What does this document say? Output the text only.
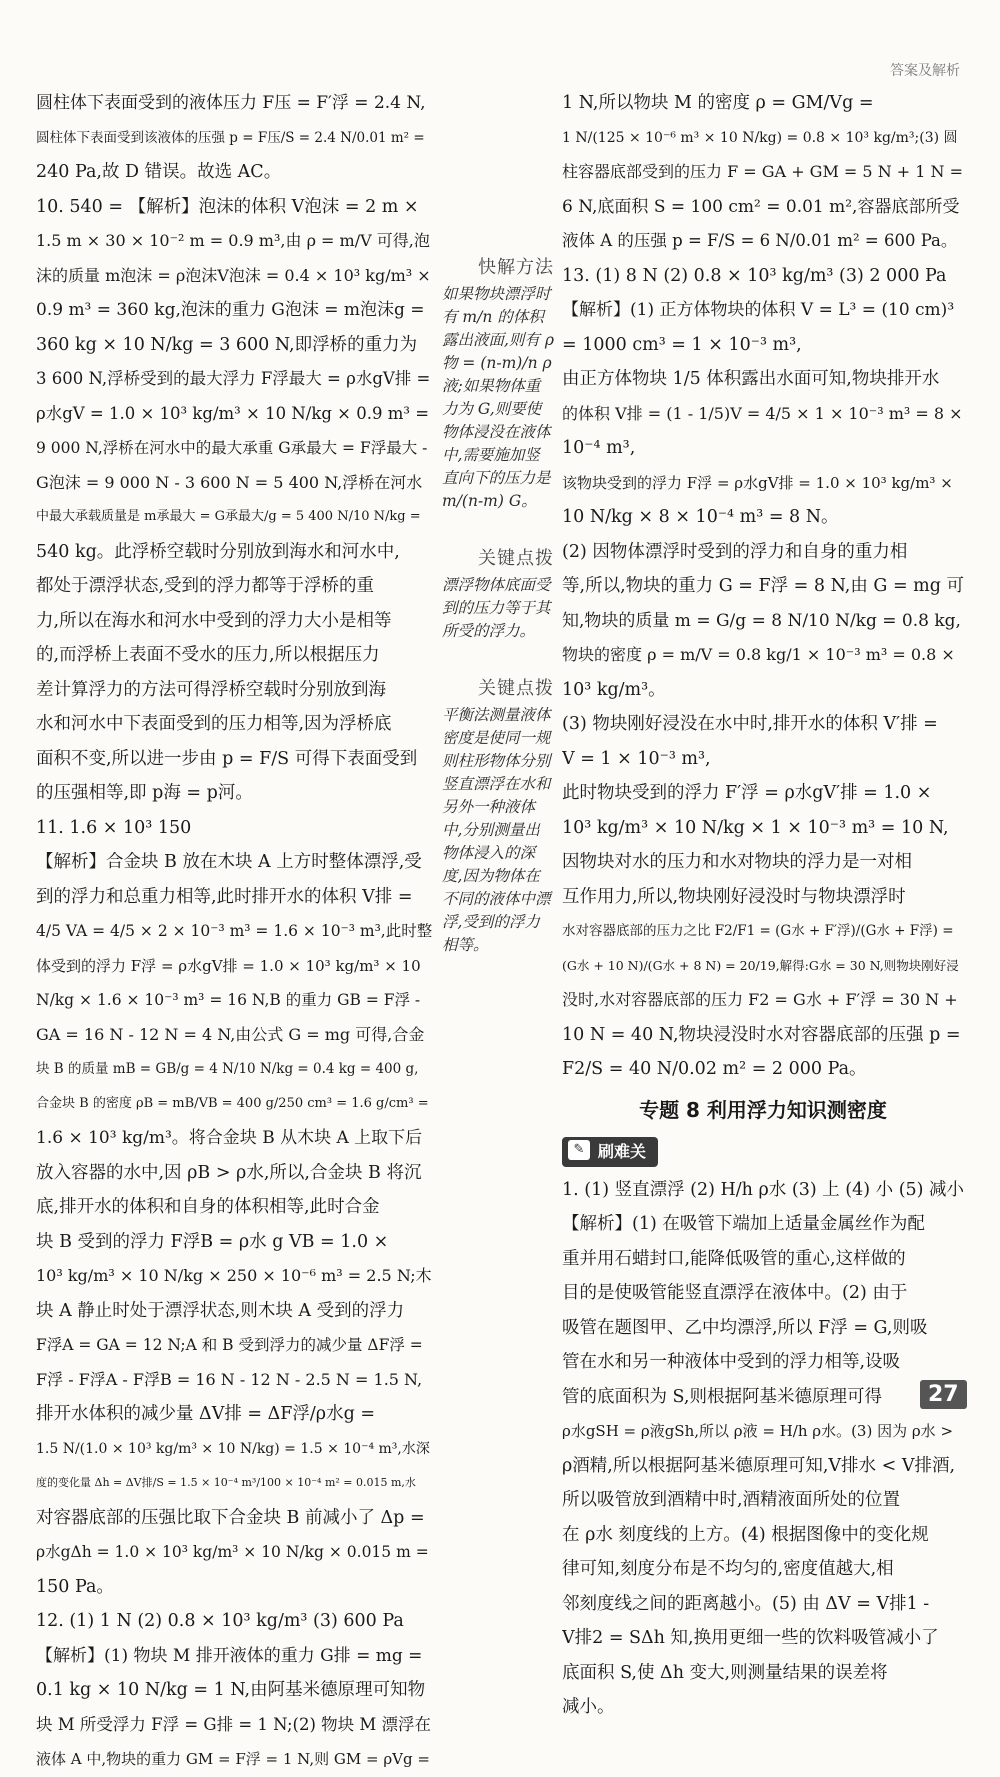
答案及解析
圆柱体下表面受到的液体压力 F压 = F′浮 = 2.4 N,
圆柱体下表面受到该液体的压强 p = F压/S = 2.4 N/0.01 m² =
240 Pa,故 D 错误。故选 AC。
10. 540 = 【解析】泡沫的体积 V泡沫 = 2 m ×
1.5 m × 30 × 10⁻² m = 0.9 m³,由 ρ = m/V 可得,泡
沫的质量 m泡沫 = ρ泡沫V泡沫 = 0.4 × 10³ kg/m³ ×
0.9 m³ = 360 kg,泡沫的重力 G泡沫 = m泡沫g =
360 kg × 10 N/kg = 3 600 N,即浮桥的重力为
3 600 N,浮桥受到的最大浮力 F浮最大 = ρ水gV排 =
ρ水gV = 1.0 × 10³ kg/m³ × 10 N/kg × 0.9 m³ =
9 000 N,浮桥在河水中的最大承重 G承最大 = F浮最大 -
G泡沫 = 9 000 N - 3 600 N = 5 400 N,浮桥在河水
中最大承载质量是 m承最大 = G承最大/g = 5 400 N/10 N/kg =
540 kg。此浮桥空载时分别放到海水和河水中,
都处于漂浮状态,受到的浮力都等于浮桥的重
力,所以在海水和河水中受到的浮力大小是相等
的,而浮桥上表面不受水的压力,所以根据压力
差计算浮力的方法可得浮桥空载时分别放到海
水和河水中下表面受到的压力相等,因为浮桥底
面积不变,所以进一步由 p = F/S 可得下表面受到
的压强相等,即 p海 = p河。
11. 1.6 × 10³ 150
【解析】合金块 B 放在木块 A 上方时整体漂浮,受
到的浮力和总重力相等,此时排开水的体积 V排 =
4/5 VA = 4/5 × 2 × 10⁻³ m³ = 1.6 × 10⁻³ m³,此时整
体受到的浮力 F浮 = ρ水gV排 = 1.0 × 10³ kg/m³ × 10
N/kg × 1.6 × 10⁻³ m³ = 16 N,B 的重力 GB = F浮 -
GA = 16 N - 12 N = 4 N,由公式 G = mg 可得,合金
块 B 的质量 mB = GB/g = 4 N/10 N/kg = 0.4 kg = 400 g,
合金块 B 的密度 ρB = mB/VB = 400 g/250 cm³ = 1.6 g/cm³ =
1.6 × 10³ kg/m³。将合金块 B 从木块 A 上取下后
放入容器的水中,因 ρB > ρ水,所以,合金块 B 将沉
底,排开水的体积和自身的体积相等,此时合金
块 B 受到的浮力 F浮B = ρ水 g VB = 1.0 ×
10³ kg/m³ × 10 N/kg × 250 × 10⁻⁶ m³ = 2.5 N;木
块 A 静止时处于漂浮状态,则木块 A 受到的浮力
F浮A = GA = 12 N;A 和 B 受到浮力的减少量 ΔF浮 =
F浮 - F浮A - F浮B = 16 N - 12 N - 2.5 N = 1.5 N,
排开水体积的减少量 ΔV排 = ΔF浮/ρ水g =
1.5 N/(1.0 × 10³ kg/m³ × 10 N/kg) = 1.5 × 10⁻⁴ m³,水深
度的变化量 Δh = ΔV排/S = 1.5 × 10⁻⁴ m³/100 × 10⁻⁴ m² = 0.015 m,水
对容器底部的压强比取下合金块 B 前减小了 Δp =
ρ水gΔh = 1.0 × 10³ kg/m³ × 10 N/kg × 0.015 m =
150 Pa。
12. (1) 1 N (2) 0.8 × 10³ kg/m³ (3) 600 Pa
【解析】(1) 物块 M 排开液体的重力 G排 = mg =
0.1 kg × 10 N/kg = 1 N,由阿基米德原理可知物
块 M 所受浮力 F浮 = G排 = 1 N;(2) 物块 M 漂浮在
液体 A 中,物块的重力 GM = F浮 = 1 N,则 GM = ρVg =
快解方法
如果物块漂浮时有 m/n 的体积露出液面,则有 ρ物 = (n-m)/n ρ液;如果物体重力为 G,则要使物体浸没在液体中,需要施加竖直向下的压力是 m/(n-m) G。
关键点拨
漂浮物体底面受到的压力等于其所受的浮力。
关键点拨
平衡法测量液体密度是使同一规则柱形物体分别竖直漂浮在水和另外一种液体中,分别测量出物体浸入的深度,因为物体在不同的液体中漂浮,受到的浮力相等。
1 N,所以物块 M 的密度 ρ = GM/Vg =
1 N/(125 × 10⁻⁶ m³ × 10 N/kg) = 0.8 × 10³ kg/m³;(3) 圆
柱容器底部受到的压力 F = GA + GM = 5 N + 1 N =
6 N,底面积 S = 100 cm² = 0.01 m²,容器底部所受
液体 A 的压强 p = F/S = 6 N/0.01 m² = 600 Pa。
13. (1) 8 N (2) 0.8 × 10³ kg/m³ (3) 2 000 Pa
【解析】(1) 正方体物块的体积 V = L³ = (10 cm)³
= 1000 cm³ = 1 × 10⁻³ m³,
由正方体物块 1/5 体积露出水面可知,物块排开水
的体积 V排 = (1 - 1/5)V = 4/5 × 1 × 10⁻³ m³ = 8 ×
10⁻⁴ m³,
该物块受到的浮力 F浮 = ρ水gV排 = 1.0 × 10³ kg/m³ ×
10 N/kg × 8 × 10⁻⁴ m³ = 8 N。
(2) 因物体漂浮时受到的浮力和自身的重力相
等,所以,物块的重力 G = F浮 = 8 N,由 G = mg 可
知,物块的质量 m = G/g = 8 N/10 N/kg = 0.8 kg,
物块的密度 ρ = m/V = 0.8 kg/1 × 10⁻³ m³ = 0.8 ×
10³ kg/m³。
(3) 物块刚好浸没在水中时,排开水的体积 V′排 =
V = 1 × 10⁻³ m³,
此时物块受到的浮力 F′浮 = ρ水gV′排 = 1.0 ×
10³ kg/m³ × 10 N/kg × 1 × 10⁻³ m³ = 10 N,
因物块对水的压力和水对物块的浮力是一对相
互作用力,所以,物块刚好浸没时与物块漂浮时
水对容器底部的压力之比 F2/F1 = (G水 + F′浮)/(G水 + F浮) =
(G水 + 10 N)/(G水 + 8 N) = 20/19,解得:G水 = 30 N,则物块刚好浸
没时,水对容器底部的压力 F2 = G水 + F′浮 = 30 N +
10 N = 40 N,物块浸没时水对容器底部的压强 p =
F2/S = 40 N/0.02 m² = 2 000 Pa。
专题 8 利用浮力知识测密度
✎ 刷难关
1. (1) 竖直漂浮 (2) H/h ρ水 (3) 上 (4) 小 (5) 减小
【解析】(1) 在吸管下端加上适量金属丝作为配
重并用石蜡封口,能降低吸管的重心,这样做的
目的是使吸管能竖直漂浮在液体中。(2) 由于
吸管在题图甲、乙中均漂浮,所以 F浮 = G,则吸
管在水和另一种液体中受到的浮力相等,设吸
管的底面积为 S,则根据阿基米德原理可得
ρ水gSH = ρ液gSh,所以 ρ液 = H/h ρ水。(3) 因为 ρ水 >
ρ酒精,所以根据阿基米德原理可知,V排水 < V排酒,
所以吸管放到酒精中时,酒精液面所处的位置
在 ρ水 刻度线的上方。(4) 根据图像中的变化规
律可知,刻度分布是不均匀的,密度值越大,相
邻刻度线之间的距离越小。(5) 由 ΔV = V排1 -
V排2 = SΔh 知,换用更细一些的饮料吸管减小了
底面积 S,使 Δh 变大,则测量结果的误差将
减小。
27
